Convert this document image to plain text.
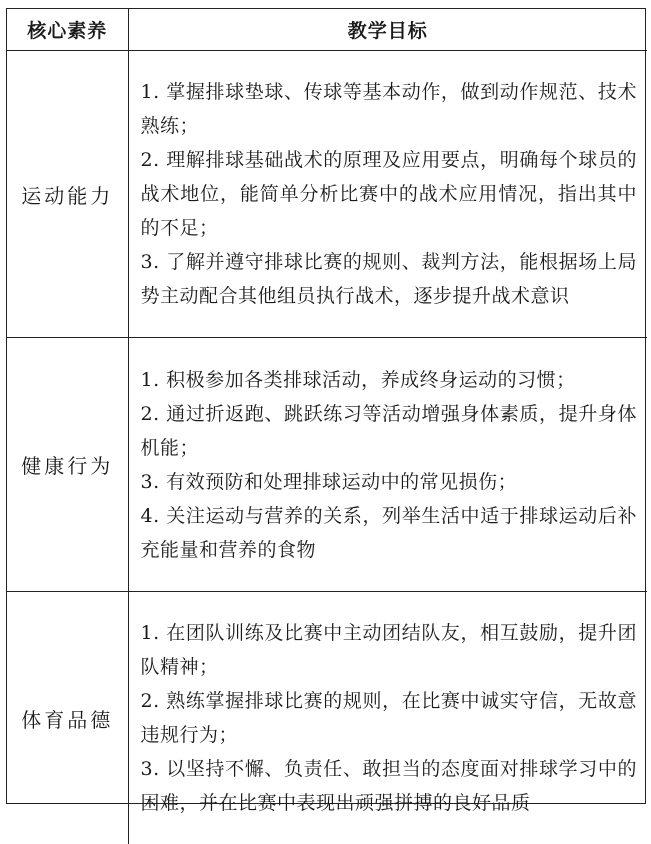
核心素养	教学目标
运动能力	1. 掌握排球垫球、传球等基本动作，做到动作规范、技术熟练；
2. 理解排球基础战术的原理及应用要点，明确每个球员的战术地位，能简单分析比赛中的战术应用情况，指出其中的不足；
3. 了解并遵守排球比赛的规则、裁判方法，能根据场上局势主动配合其他组员执行战术，逐步提升战术意识

健康行为	1. 积极参加各类排球活动，养成终身运动的习惯；
2. 通过折返跑、跳跃练习等活动增强身体素质，提升身体机能；
3. 有效预防和处理排球运动中的常见损伤；
4. 关注运动与营养的关系，列举生活中适于排球运动后补充能量和营养的食物

体育品德	1. 在团队训练及比赛中主动团结队友，相互鼓励，提升团队精神；
2. 熟练掌握排球比赛的规则，在比赛中诚实守信，无故意违规行为；
3. 以坚持不懈、负责任、敢担当的态度面对排球学习中的困难，并在比赛中表现出顽强拼搏的良好品质
